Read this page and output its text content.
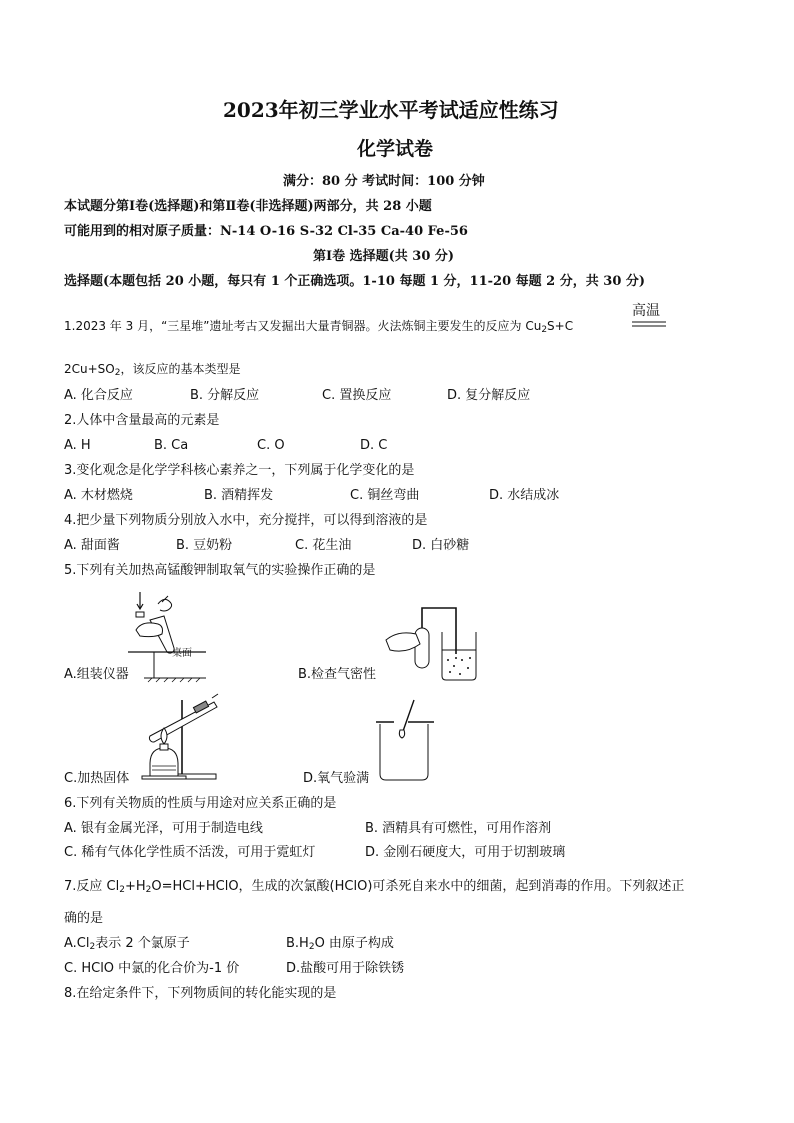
2023年初三学业水平考试适应性练习
化学试卷
满分：80 分 考试时间：100 分钟
本试题分第Ⅰ卷(选择题)和第Ⅱ卷(非选择题)两部分，共 28 小题
可能用到的相对原子质量：N-14 O-16 S-32 Cl-35 Ca-40 Fe-56
第Ⅰ卷 选择题(共 30 分)
选择题(本题包括 20 小题，每只有 1 个正确选项。1-10 每题 1 分，11-20 每题 2 分，共 30 分)
1.2023 年 3 月，“三星堆”遗址考古又发掘出大量青铜器。火法炼铜主要发生的反应为 $Cu_2S+C$
高温
$2Cu+SO_2$，该反应的基本类型是
A. 化合反应	B. 分解反应	C. 置换反应	D. 复分解反应
2.人体中含量最高的元素是
A. H	B. Ca	C. O	D. C
3.变化观念是化学学科核心素养之一，下列属于化学变化的是
A. 木材燃烧	B. 酒精挥发	C. 铜丝弯曲	D. 水结成冰
4.把少量下列物质分别放入水中，充分搅拌，可以得到溶液的是
A. 甜面酱	B. 豆奶粉	C. 花生油	D. 白砂糖
5.下列有关加热高锰酸钾制取氧气的实验操作正确的是
桌面
A.组装仪器	B.检查气密性
C.加热固体	D.氧气验满
6.下列有关物质的性质与用途对应关系正确的是
A. 银有金属光泽，可用于制造电线	B. 酒精具有可燃性，可用作溶剂
C. 稀有气体化学性质不活泼，可用于霓虹灯	D. 金刚石硬度大，可用于切割玻璃
7.反应 $Cl_2+H_2O=HCl+HClO$，生成的次氯酸(HClO)可杀死自来水中的细菌，起到消毒的作用。下列叙述正
确的是
$A.Cl_2$表示 2 个氯原子	$B.H_2O$ 由原子构成
C. HClO 中氯的化合价为-1 价	D.盐酸可用于除铁锈
8.在给定条件下，下列物质间的转化能实现的是
